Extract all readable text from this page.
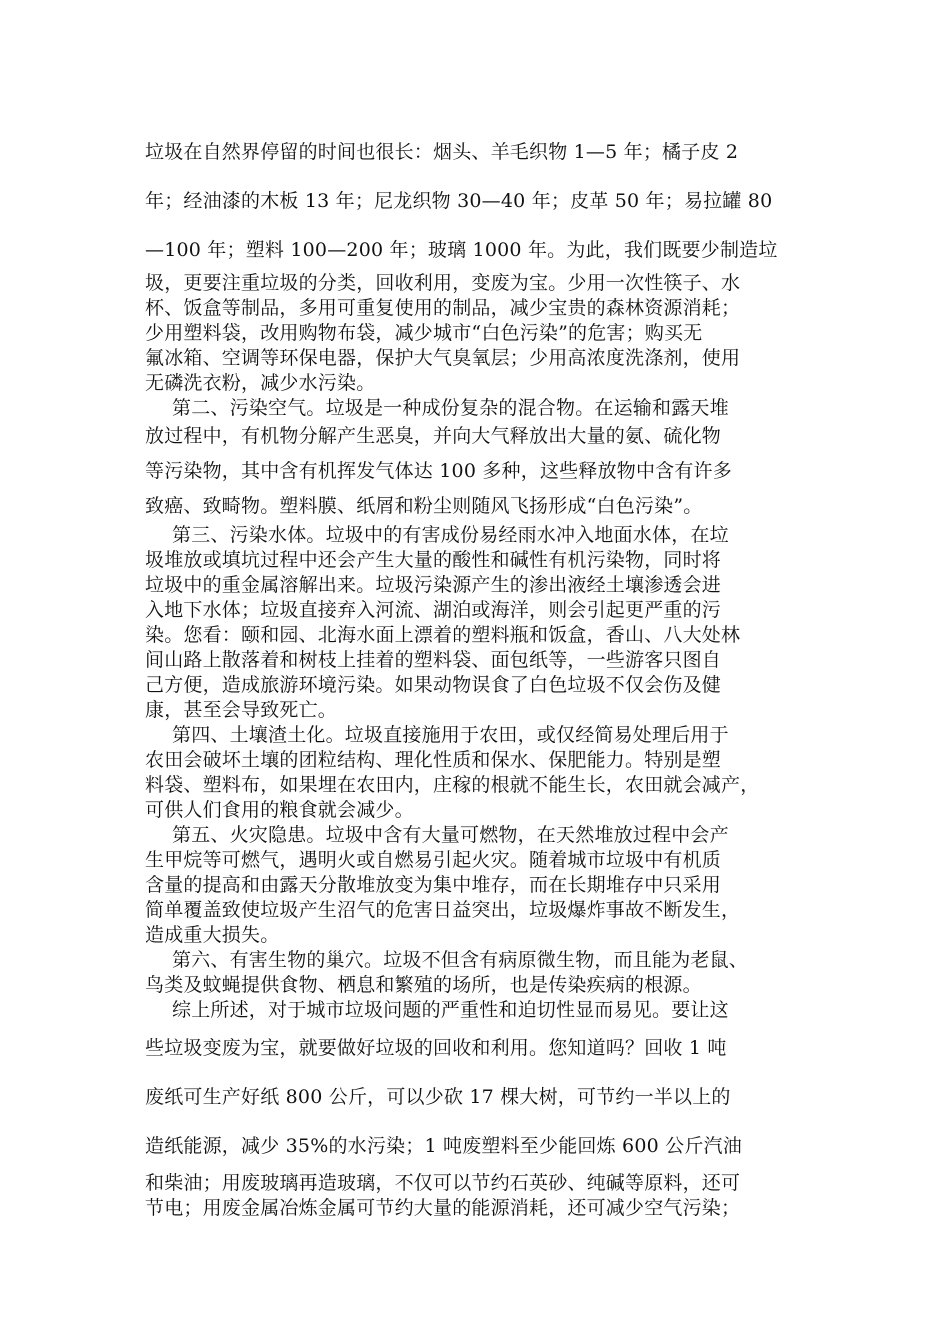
垃圾在自然界停留的时间也很长：烟头、羊毛织物 1—5 年；橘子皮 2
年；经油漆的木板 13 年；尼龙织物 30—40 年；皮革 50 年；易拉罐 80
—100 年；塑料 100—200 年；玻璃 1000 年。为此，我们既要少制造垃
圾，更要注重垃圾的分类，回收利用，变废为宝。少用一次性筷子、水
杯、饭盒等制品，多用可重复使用的制品，减少宝贵的森林资源消耗；
少用塑料袋，改用购物布袋，减少城市“白色污染”的危害；购买无
氟冰箱、空调等环保电器，保护大气臭氧层；少用高浓度洗涤剂，使用
无磷洗衣粉，减少水污染。
第二、污染空气。垃圾是一种成份复杂的混合物。在运输和露天堆
放过程中，有机物分解产生恶臭，并向大气释放出大量的氨、硫化物
等污染物，其中含有机挥发气体达 100 多种，这些释放物中含有许多
致癌、致畸物。塑料膜、纸屑和粉尘则随风飞扬形成“白色污染”。
第三、污染水体。垃圾中的有害成份易经雨水冲入地面水体，在垃
圾堆放或填坑过程中还会产生大量的酸性和碱性有机污染物，同时将
垃圾中的重金属溶解出来。垃圾污染源产生的渗出液经土壤渗透会进
入地下水体；垃圾直接弃入河流、湖泊或海洋，则会引起更严重的污
染。您看：颐和园、北海水面上漂着的塑料瓶和饭盒，香山、八大处林
间山路上散落着和树枝上挂着的塑料袋、面包纸等，一些游客只图自
己方便，造成旅游环境污染。如果动物误食了白色垃圾不仅会伤及健
康，甚至会导致死亡。
第四、土壤渣土化。垃圾直接施用于农田，或仅经简易处理后用于
农田会破坏土壤的团粒结构、理化性质和保水、保肥能力。特别是塑
料袋、塑料布，如果埋在农田内，庄稼的根就不能生长，农田就会减产，
可供人们食用的粮食就会减少。
第五、火灾隐患。垃圾中含有大量可燃物，在天然堆放过程中会产
生甲烷等可燃气，遇明火或自燃易引起火灾。随着城市垃圾中有机质
含量的提高和由露天分散堆放变为集中堆存，而在长期堆存中只采用
简单覆盖致使垃圾产生沼气的危害日益突出，垃圾爆炸事故不断发生，
造成重大损失。
第六、有害生物的巢穴。垃圾不但含有病原微生物，而且能为老鼠、
鸟类及蚊蝇提供食物、栖息和繁殖的场所，也是传染疾病的根源。
综上所述，对于城市垃圾问题的严重性和迫切性显而易见。要让这
些垃圾变废为宝，就要做好垃圾的回收和利用。您知道吗？回收 1 吨
废纸可生产好纸 800 公斤，可以少砍 17 棵大树，可节约一半以上的
造纸能源，减少 35%的水污染；1 吨废塑料至少能回炼 600 公斤汽油
和柴油；用废玻璃再造玻璃，不仅可以节约石英砂、纯碱等原料，还可
节电；用废金属冶炼金属可节约大量的能源消耗，还可减少空气污染；
